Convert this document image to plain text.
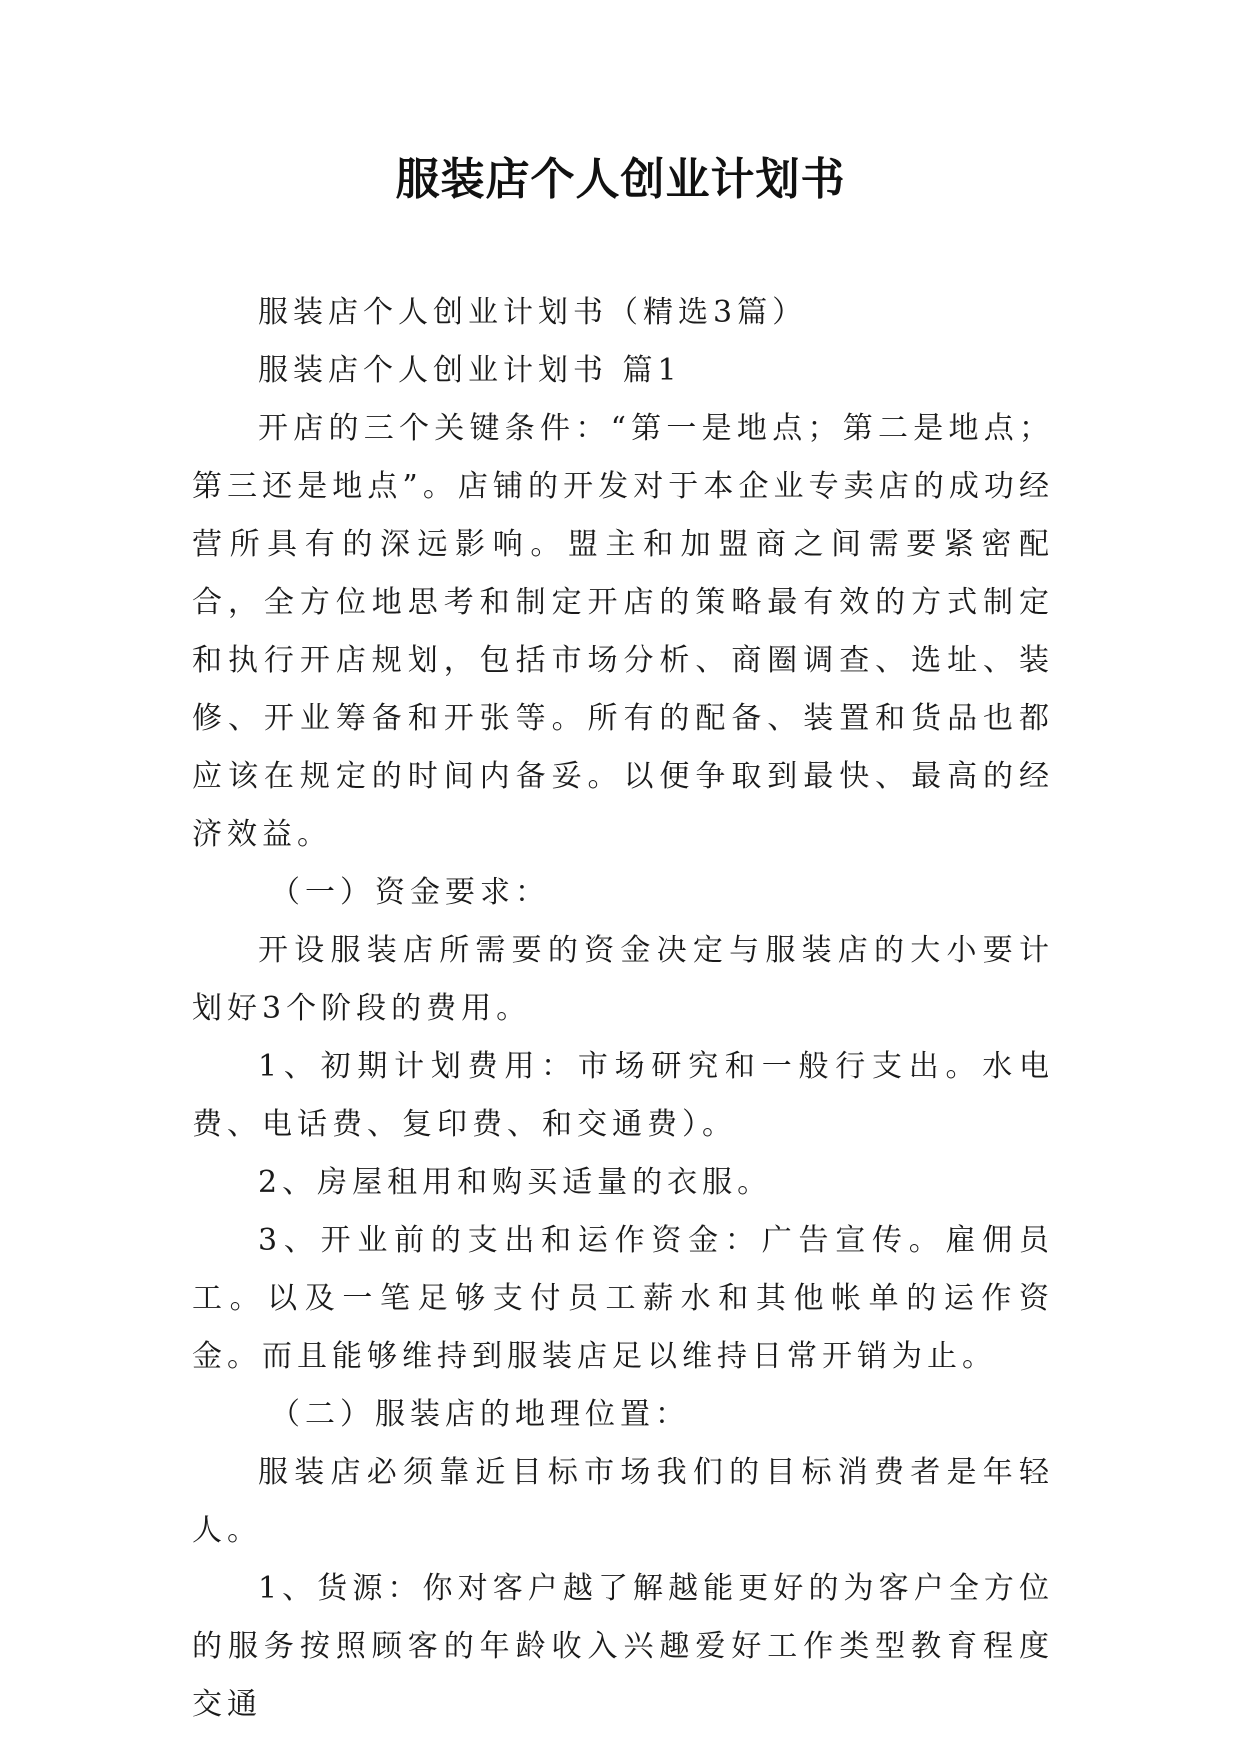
服装店个人创业计划书

服装店个人创业计划书（精选3篇）

服装店个人创业计划书 篇1

开店的三个关键条件：“第一是地点；第二是地点；第三还是地点”。店铺的开发对于本企业专卖店的成功经营所具有的深远影响。盟主和加盟商之间需要紧密配合，全方位地思考和制定开店的策略最有效的方式制定和执行开店规划，包括市场分析、商圈调查、选址、装修、开业筹备和开张等。所有的配备、装置和货品也都应该在规定的时间内备妥。以便争取到最快、最高的经济效益。

（一）资金要求：

开设服装店所需要的资金决定与服装店的大小要计划好3个阶段的费用。

1、初期计划费用：市场研究和一般行支出。水电费、电话费、复印费、和交通费）。

2、房屋租用和购买适量的衣服。

3、开业前的支出和运作资金：广告宣传。雇佣员工。以及一笔足够支付员工薪水和其他帐单的运作资金。而且能够维持到服装店足以维持日常开销为止。

（二）服装店的地理位置：

服装店必须靠近目标市场我们的目标消费者是年轻人。

1、货源：你对客户越了解越能更好的为客户全方位的服务按照顾客的年龄收入兴趣爱好工作类型教育程度交通
